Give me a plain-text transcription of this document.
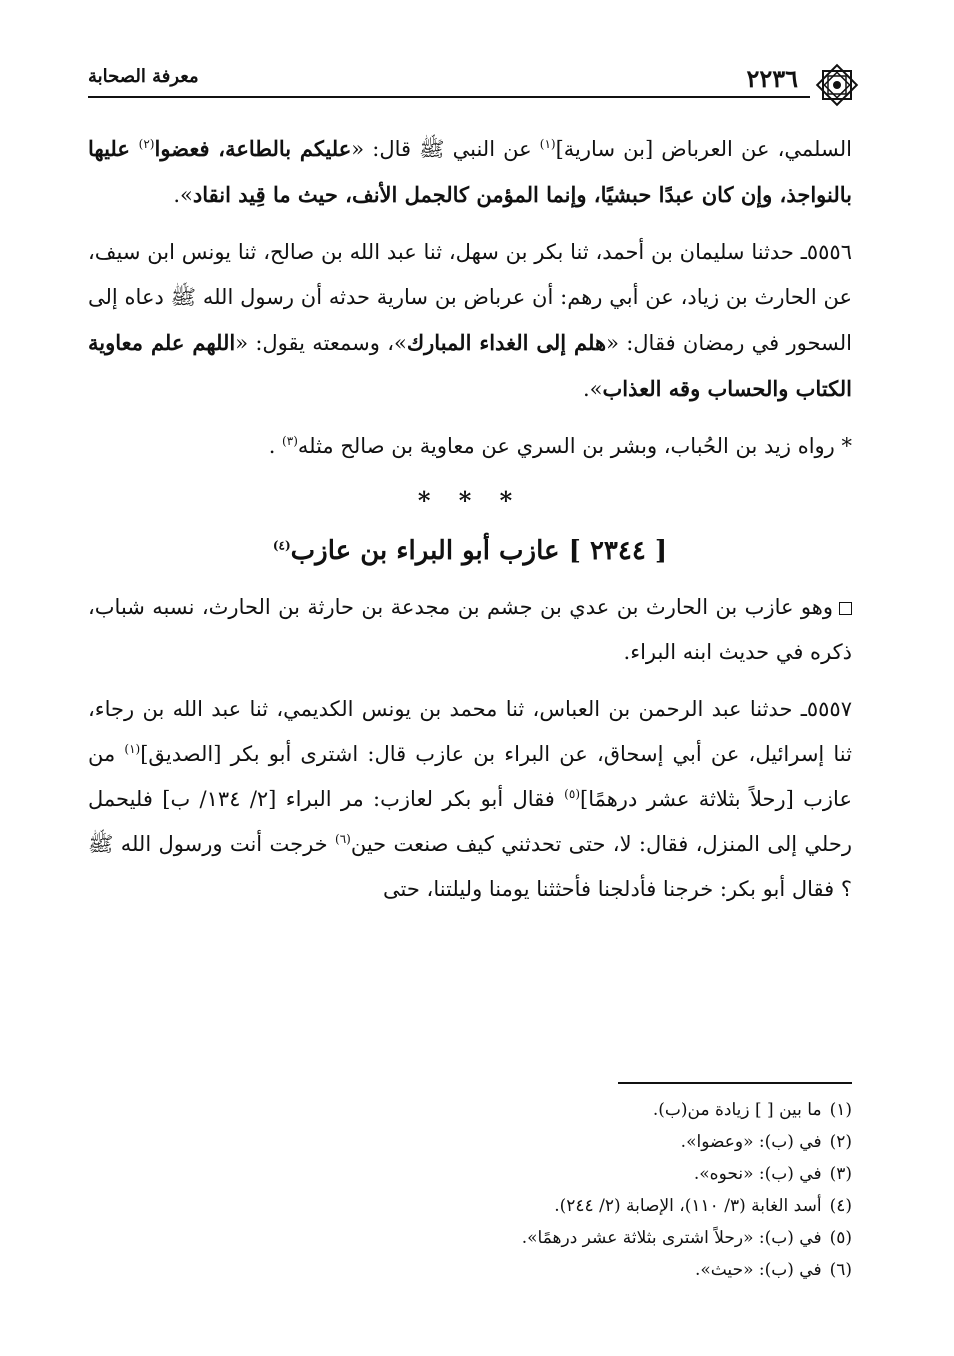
٢٢٣٦
معرفة الصحابة

السلمي، عن العرباض [بن سارية]$^{(١)}$ عن النبي ﷺ قال: «عليكم بالطاعة، فعضوا$^{(٢)}$ عليها بالنواجذ، وإن كان عبدًا حبشيًا، وإنما المؤمن كالجمل الأنف، حيث ما قِيد انقاد».

٥٥٥٦ـ حدثنا سليمان بن أحمد، ثنا بكر بن سهل، ثنا عبد الله بن صالح، ثنا يونس ابن سيف، عن الحارث بن زياد، عن أبي رهم: أن عرباض بن سارية حدثه أن رسول الله ﷺ دعاه إلى السحور في رمضان فقال: «هلم إلى الغداء المبارك»، وسمعته يقول: «اللهم علم معاوية الكتاب والحساب وقه العذاب».

* رواه زيد بن الحُباب، وبشر بن السري عن معاوية بن صالح مثله$^{(٣)}$ .

* * *
[ ٢٣٤٤ ] عازب أبو البراء بن عازب$^{(٤)}$

وهو عازب بن الحارث بن عدي بن جشم بن مجدعة بن حارثة بن الحارث، نسبه شباب، ذكره في حديث ابنه البراء.

٥٥٥٧ـ حدثنا عبد الرحمن بن العباس، ثنا محمد بن يونس الكديمي، ثنا عبد الله بن رجاء، ثنا إسرائيل، عن أبي إسحاق، عن البراء بن عازب قال: اشترى أبو بكر [الصديق]$^{(١)}$ من عازب [رحلاً بثلاثة عشر درهمًا]$^{(٥)}$ فقال أبو بكر لعازب: مر البراء [٢/ ١٣٤/ ب] فليحمل رحلي إلى المنزل، فقال: لا، حتى تحدثني كيف صنعت حين$^{(٦)}$ خرجت أنت ورسول الله ﷺ ؟ فقال أبو بكر: خرجنا فأدلجنا فأحثثنا يومنا وليلتنا، حتى

(١)ما بين [ ] زيادة من(ب).
(٢)في (ب): «وعضوا».
(٣)في (ب): «نحوه».
(٤)أسد الغابة (٣/ ١١٠)، الإصابة (٢/ ٢٤٤).
(٥)في (ب): «رحلاً اشترى بثلاثة عشر درهمًا».
(٦)في (ب): «حيث».
